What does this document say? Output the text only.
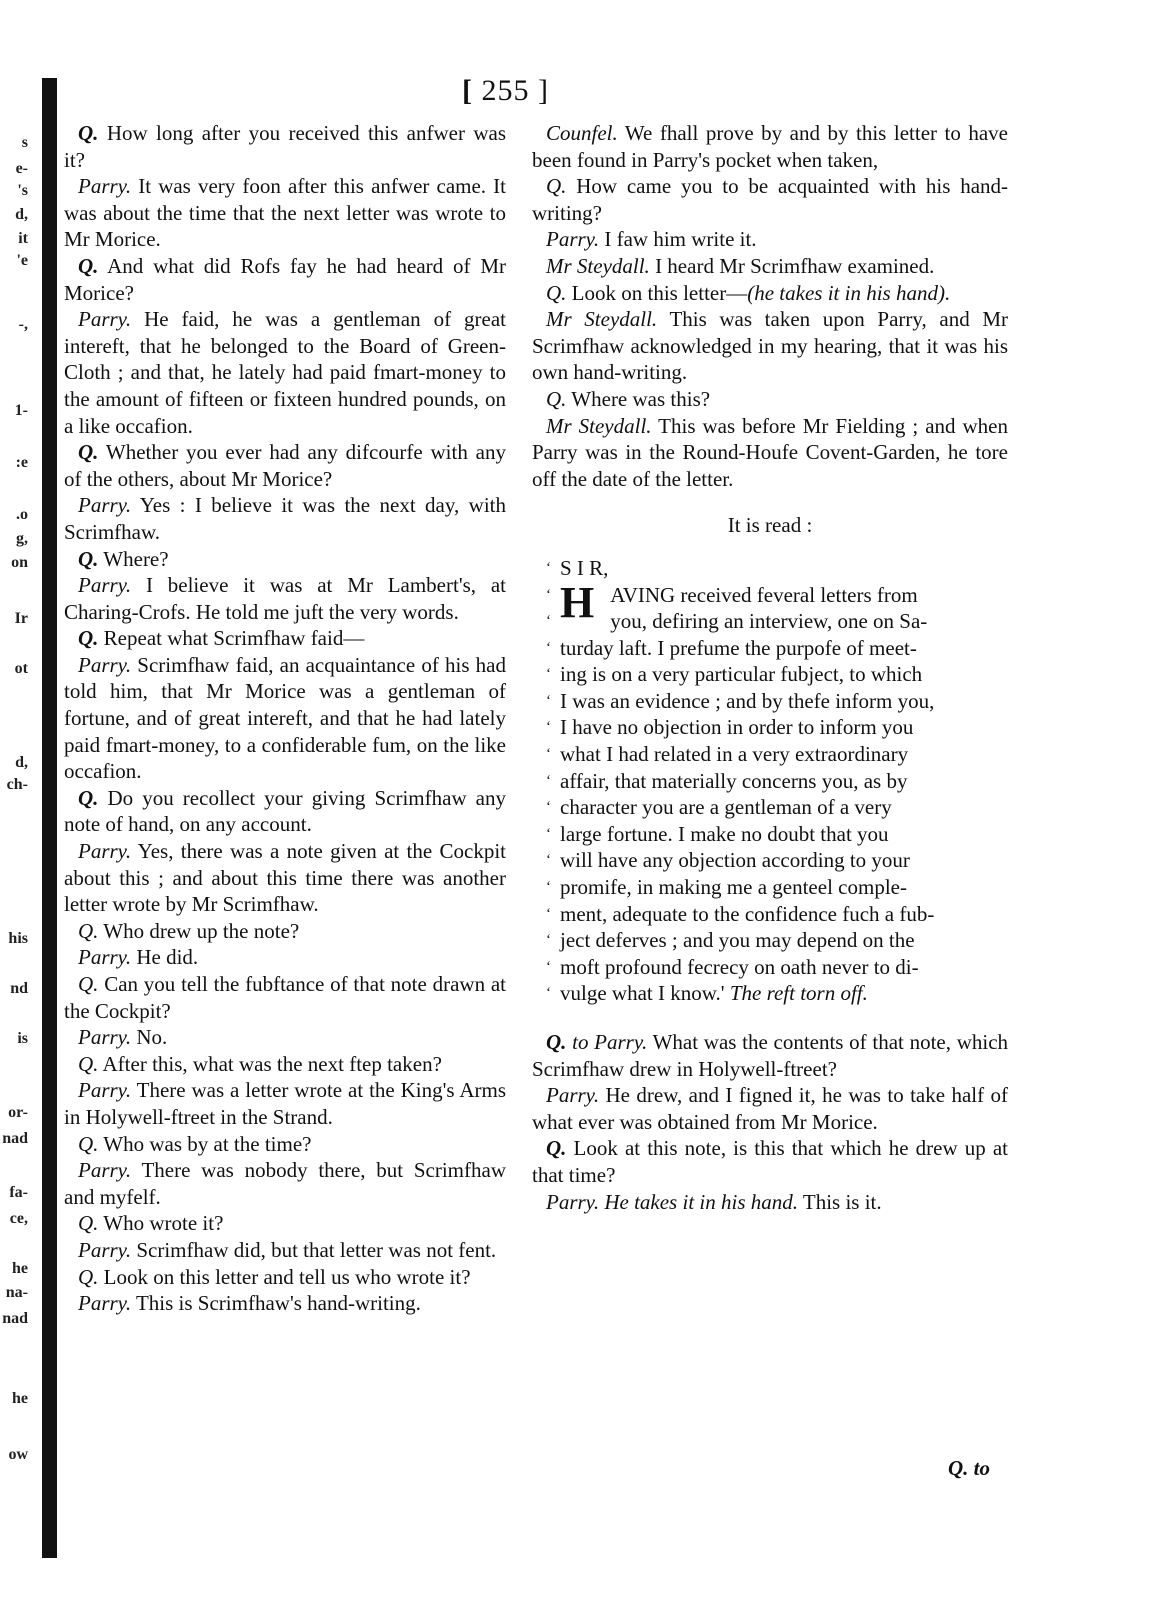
s
e-
's
d,
it
'e
-,
1-
:e
.o
g,
on
Ir
ot
d,
ch-
his
nd
is
or-
nad
fa-
ce,
he
na-
nad
he
ow
[ 255 ]

Q. How long after you received this anfwer was it?

Parry. It was very foon after this anfwer came. It was about the time that the next letter was wrote to Mr Morice.

Q. And what did Rofs fay he had heard of Mr Morice?

Parry. He faid, he was a gentleman of great intereft, that he belonged to the Board of Green-Cloth ; and that, he lately had paid fmart-money to the amount of fifteen or fixteen hundred pounds, on a like occafion.

Q. Whether you ever had any difcourfe with any of the others, about Mr Morice?

Parry. Yes : I believe it was the next day, with Scrimfhaw.

Q. Where?

Parry. I believe it was at Mr Lambert's, at Charing-Crofs. He told me juft the very words.

Q. Repeat what Scrimfhaw faid—

Parry. Scrimfhaw faid, an acquaintance of his had told him, that Mr Morice was a gentleman of fortune, and of great intereft, and that he had lately paid fmart-money, to a confiderable fum, on the like occafion.

Q. Do you recollect your giving Scrimfhaw any note of hand, on any account.

Parry. Yes, there was a note given at the Cockpit about this ; and about this time there was another letter wrote by Mr Scrimfhaw.

Q. Who drew up the note?

Parry. He did.

Q. Can you tell the fubftance of that note drawn at the Cockpit?

Parry. No.

Q. After this, what was the next ftep taken?

Parry. There was a letter wrote at the King's Arms in Holywell-ftreet in the Strand.

Q. Who was by at the time?

Parry. There was nobody there, but Scrimfhaw and myfelf.

Q. Who wrote it?

Parry. Scrimfhaw did, but that letter was not fent.

Q. Look on this letter and tell us who wrote it?

Parry. This is Scrimfhaw's hand-writing.

Counfel. We fhall prove by and by this letter to have been found in Parry's pocket when taken,

Q. How came you to be acquainted with his hand-writing?

Parry. I faw him write it.

Mr Steydall. I heard Mr Scrimfhaw examined.

Q. Look on this letter—(he takes it in his hand).

Mr Steydall. This was taken upon Parry, and Mr Scrimfhaw acknowledged in my hearing, that it was his own hand-writing.

Q. Where was this?

Mr Steydall. This was before Mr Fielding ; and when Parry was in the Round-Houfe Covent-Garden, he tore off the date of the letter.

It is read :

‘ S I R,

‘ HAVING received feveral letters from

‘ you, defiring an interview, one on Sa-

‘ turday laft. I prefume the purpofe of meet-

‘ ing is on a very particular fubject, to which

‘ I was an evidence ; and by thefe inform you,

‘ I have no objection in order to inform you

‘ what I had related in a very extraordinary

‘ affair, that materially concerns you, as by

‘ character you are a gentleman of a very

‘ large fortune. I make no doubt that you

‘ will have any objection according to your

‘ promife, in making me a genteel comple-

‘ ment, adequate to the confidence fuch a fub-

‘ ject deferves ; and you may depend on the

‘ moft profound fecrecy on oath never to di-

‘ vulge what I know.' The reft torn off.

Q. to Parry. What was the contents of that note, which Scrimfhaw drew in Holywell-ftreet?

Parry. He drew, and I figned it, he was to take half of what ever was obtained from Mr Morice.

Q. Look at this note, is this that which he drew up at that time?

Parry. He takes it in his hand. This is it.

Q. to
